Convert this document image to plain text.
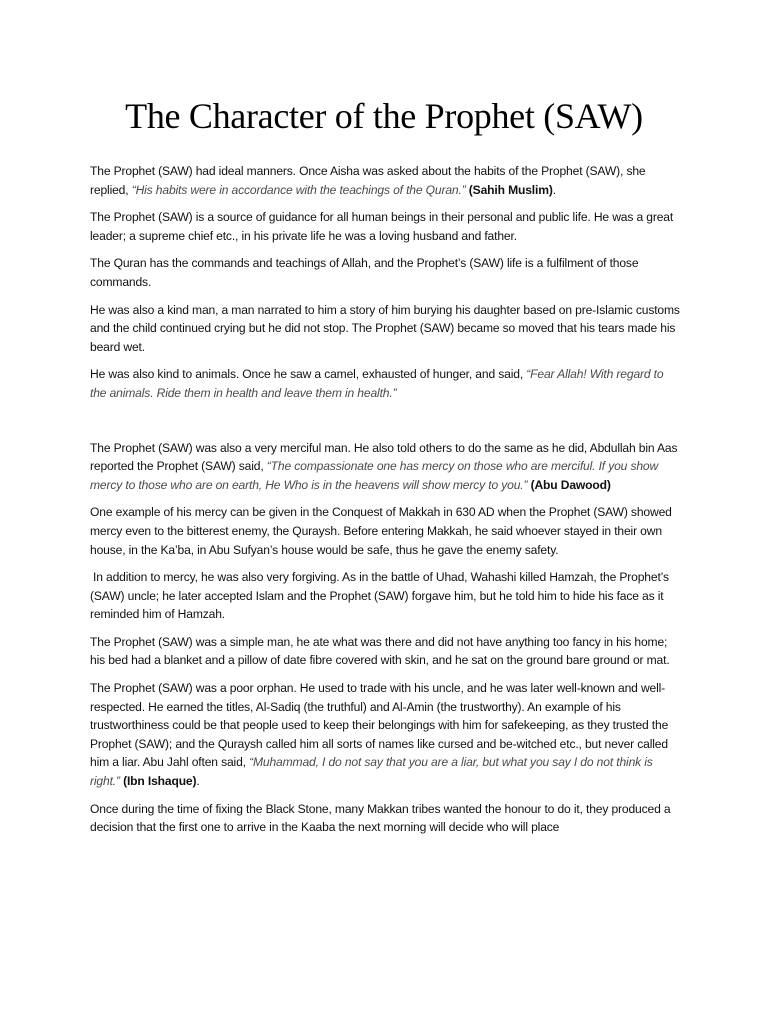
The Character of the Prophet (SAW)

The Prophet (SAW) had ideal manners. Once Aisha was asked about the habits of the Prophet (SAW), she replied, “His habits were in accordance with the teachings of the Quran.” (Sahih Muslim).

The Prophet (SAW) is a source of guidance for all human beings in their personal and public life. He was a great leader; a supreme chief etc., in his private life he was a loving husband and father.

The Quran has the commands and teachings of Allah, and the Prophet’s (SAW) life is a fulfilment of those commands.

He was also a kind man, a man narrated to him a story of him burying his daughter based on pre-Islamic customs and the child continued crying but he did not stop. The Prophet (SAW) became so moved that his tears made his beard wet.

He was also kind to animals. Once he saw a camel, exhausted of hunger, and said, “Fear Allah! With regard to the animals. Ride them in health and leave them in health.”

The Prophet (SAW) was also a very merciful man. He also told others to do the same as he did, Abdullah bin Aas reported the Prophet (SAW) said, “The compassionate one has mercy on those who are merciful. If you show mercy to those who are on earth, He Who is in the heavens will show mercy to you.” (Abu Dawood)

One example of his mercy can be given in the Conquest of Makkah in 630 AD when the Prophet (SAW) showed mercy even to the bitterest enemy, the Quraysh. Before entering Makkah, he said whoever stayed in their own house, in the Ka’ba, in Abu Sufyan’s house would be safe, thus he gave the enemy safety.

In addition to mercy, he was also very forgiving. As in the battle of Uhad, Wahashi killed Hamzah, the Prophet’s (SAW) uncle; he later accepted Islam and the Prophet (SAW) forgave him, but he told him to hide his face as it reminded him of Hamzah.

The Prophet (SAW) was a simple man, he ate what was there and did not have anything too fancy in his home; his bed had a blanket and a pillow of date fibre covered with skin, and he sat on the ground bare ground or mat.

The Prophet (SAW) was a poor orphan. He used to trade with his uncle, and he was later well-known and well-respected. He earned the titles, Al-Sadiq (the truthful) and Al-Amin (the trustworthy). An example of his trustworthiness could be that people used to keep their belongings with him for safekeeping, as they trusted the Prophet (SAW); and the Quraysh called him all sorts of names like cursed and be-witched etc., but never called him a liar. Abu Jahl often said, “Muhammad, I do not say that you are a liar, but what you say I do not think is right.” (Ibn Ishaque).

Once during the time of fixing the Black Stone, many Makkan tribes wanted the honour to do it, they produced a decision that the first one to arrive in the Kaaba the next morning will decide who will place
